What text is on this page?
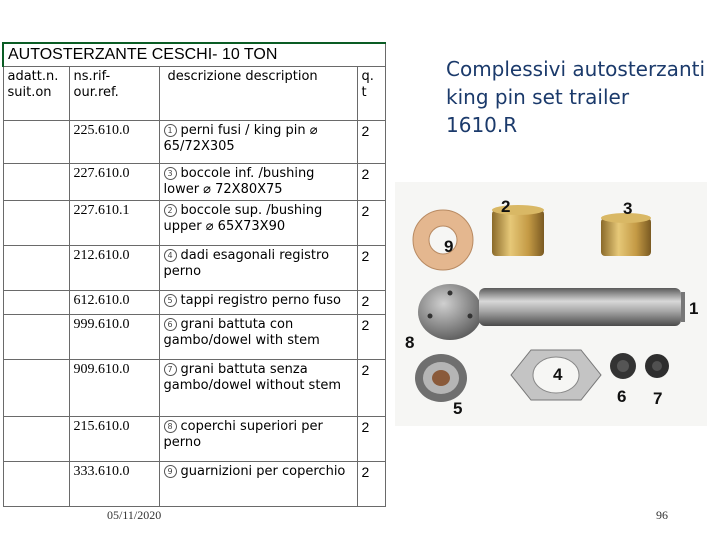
AUTOSTERZANTE CESCHI- 10 TON			
adatt.n. suit.on	ns.rif-our.ref.	descrizione description	q. t
	225.610.0	1 perni fusi / king pin ⌀ 65/72X305	2
	227.610.0	3 boccole inf. /bushing lower ⌀ 72X80X75	2
	227.610.1	2 boccole sup. /bushing upper ⌀ 65X73X90	2
	212.610.0	4 dadi esagonali registro perno	2
	612.610.0	5 tappi registro perno fuso	2
	999.610.0	6 grani battuta con gambo/dowel with stem	2
	909.610.0	7 grani battuta senza gambo/dowel without stem	2
	215.610.0	8 coperchi superiori per perno	2
	333.610.0	9 guarnizioni per coperchio	2
Complessivi autosterzanti king pin set trailer 1610.R
2	3
9
1
8
4
6 7
5
05/11/2020	96
